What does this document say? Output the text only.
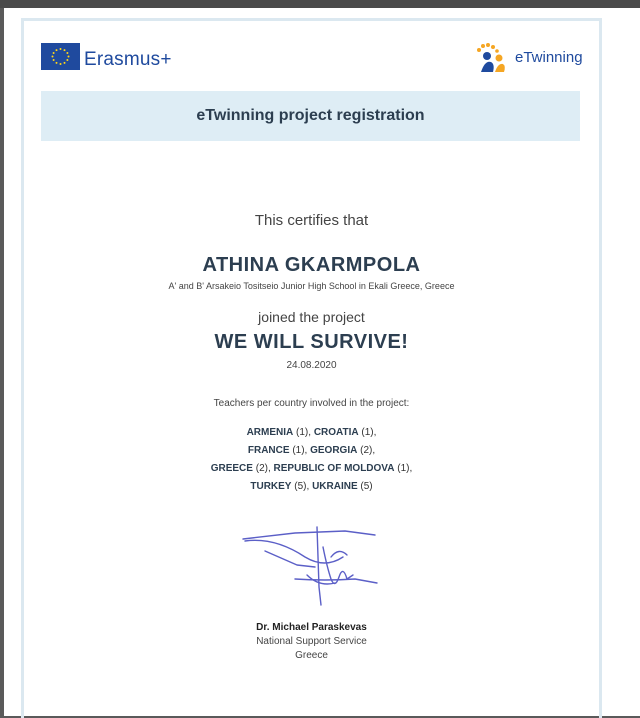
Erasmus+	eTwinning
eTwinning project registration
This certifies that
ATHINA GKARMPOLA
A' and B' Arsakeio Tositseio Junior High School in Ekali Greece, Greece
joined the project
WE WILL SURVIVE!
24.08.2020
Teachers per country involved in the project:
ARMENIA (1), CROATIA (1),
FRANCE (1), GEORGIA (2),
GREECE (2), REPUBLIC OF MOLDOVA (1),
TURKEY (5), UKRAINE (5)
Dr. Michael Paraskevas
National Support Service
Greece
